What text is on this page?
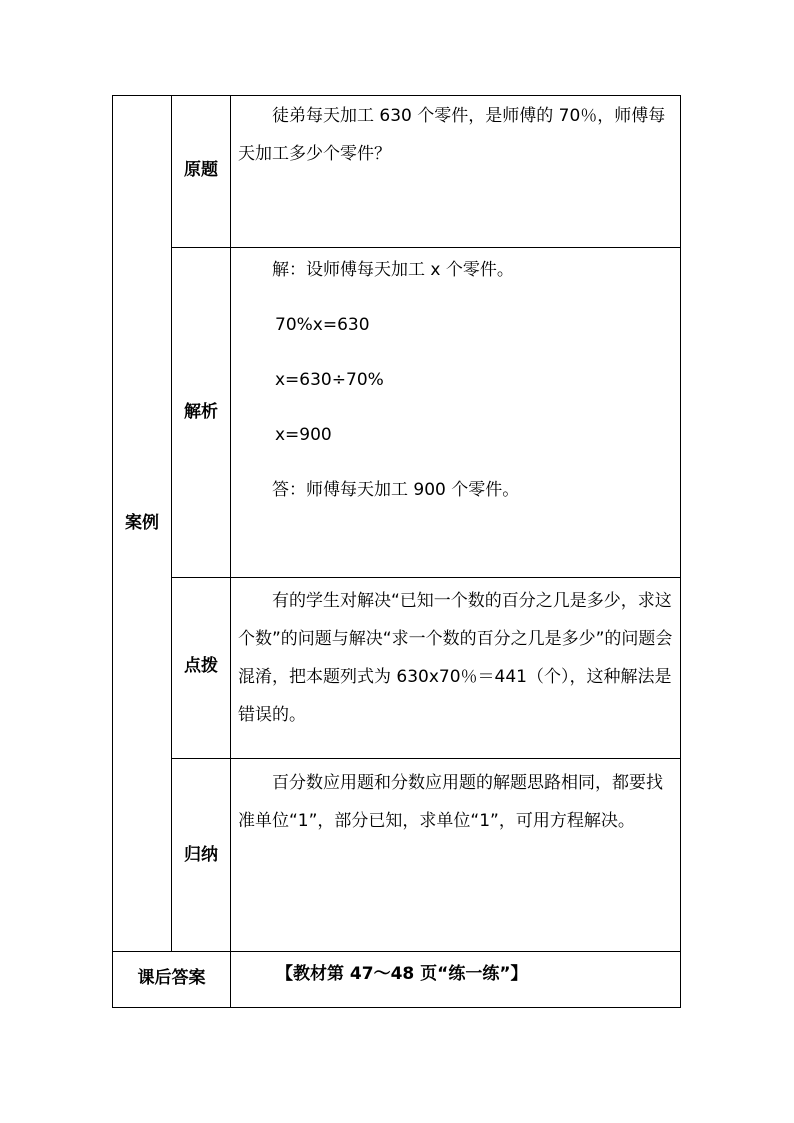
案例
原题

徒弟每天加工 630 个零件，是师傅的 70％，师傅每天加工多少个零件？

解析

解：设师傅每天加工 x 个零件。

70%x=630

x=630÷70%

x=900

答：师傅每天加工 900 个零件。

点拨

有的学生对解决“已知一个数的百分之几是多少，求这个数”的问题与解决“求一个数的百分之几是多少”的问题会混淆，把本题列式为 630x70％＝441（个），这种解法是错误的。

归纳

百分数应用题和分数应用题的解题思路相同，都要找准单位“1”，部分已知，求单位“1”，可用方程解决。

课后答案	【教材第 47～48 页“练一练”】
